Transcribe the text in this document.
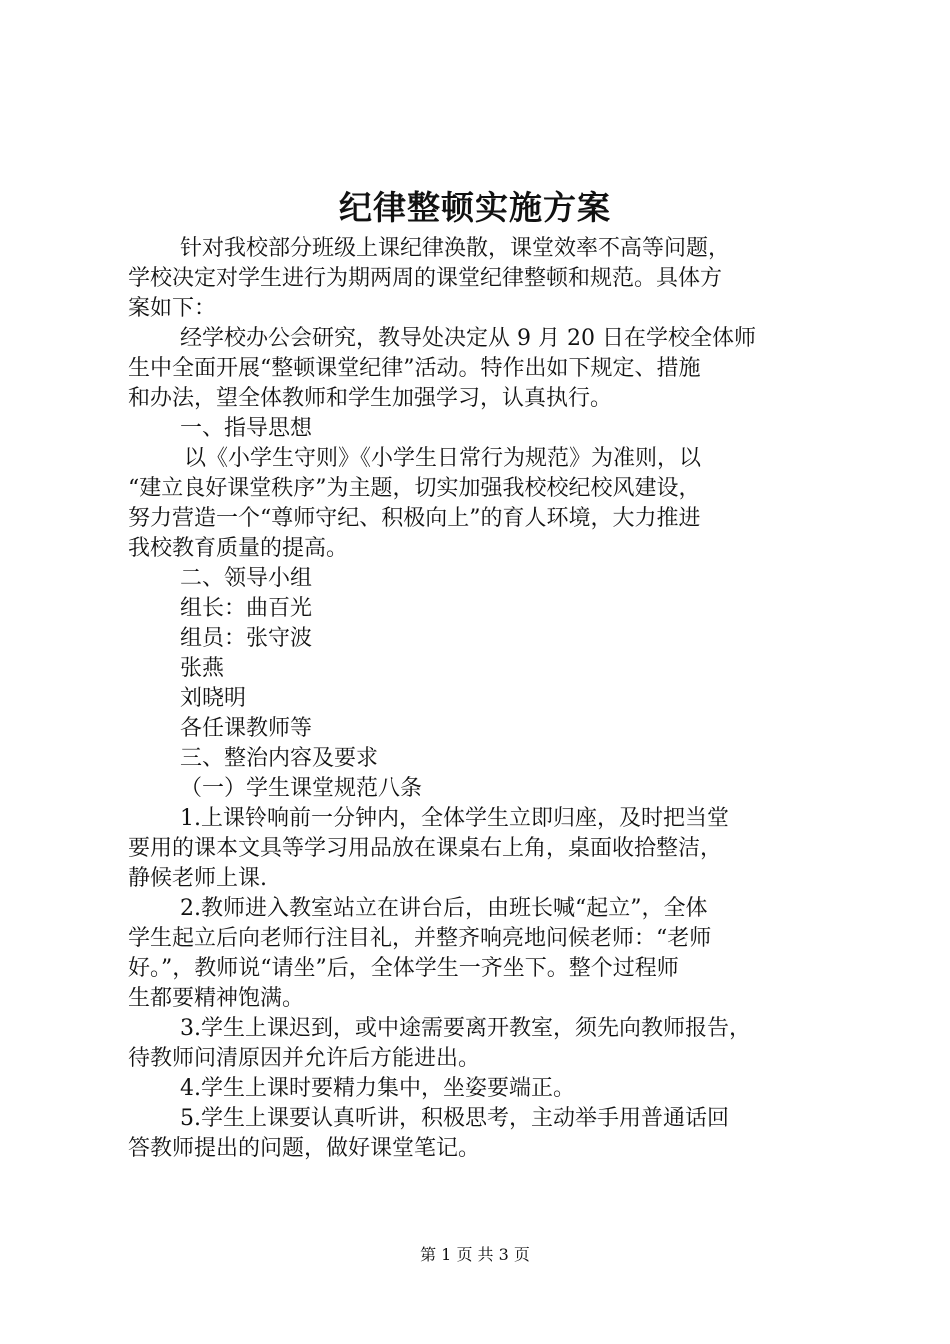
纪律整顿实施方案

针对我校部分班级上课纪律涣散，课堂效率不高等问题，

学校决定对学生进行为期两周的课堂纪律整顿和规范。具体方

案如下：

经学校办公会研究，教导处决定从 9 月 20 日在学校全体师

生中全面开展“整顿课堂纪律”活动。特作出如下规定、措施

和办法，望全体教师和学生加强学习，认真执行。

一、指导思想

以《小学生守则》《小学生日常行为规范》为准则，以

“建立良好课堂秩序”为主题，切实加强我校校纪校风建设，

努力营造一个“尊师守纪、积极向上”的育人环境，大力推进

我校教育质量的提高。

二、领导小组

组长：曲百光

组员：张守波

张燕

刘晓明

各任课教师等

三、整治内容及要求

（一）学生课堂规范八条

1.上课铃响前一分钟内，全体学生立即归座，及时把当堂

要用的课本文具等学习用品放在课桌右上角，桌面收拾整洁，

静候老师上课.

2.教师进入教室站立在讲台后，由班长喊“起立”，全体

学生起立后向老师行注目礼，并整齐响亮地问候老师：“老师

好。”，教师说“请坐”后，全体学生一齐坐下。整个过程师

生都要精神饱满。

3.学生上课迟到，或中途需要离开教室，须先向教师报告，

待教师问清原因并允许后方能进出。

4.学生上课时要精力集中，坐姿要端正。

5.学生上课要认真听讲，积极思考，主动举手用普通话回

答教师提出的问题，做好课堂笔记。

第 1 页 共 3 页
